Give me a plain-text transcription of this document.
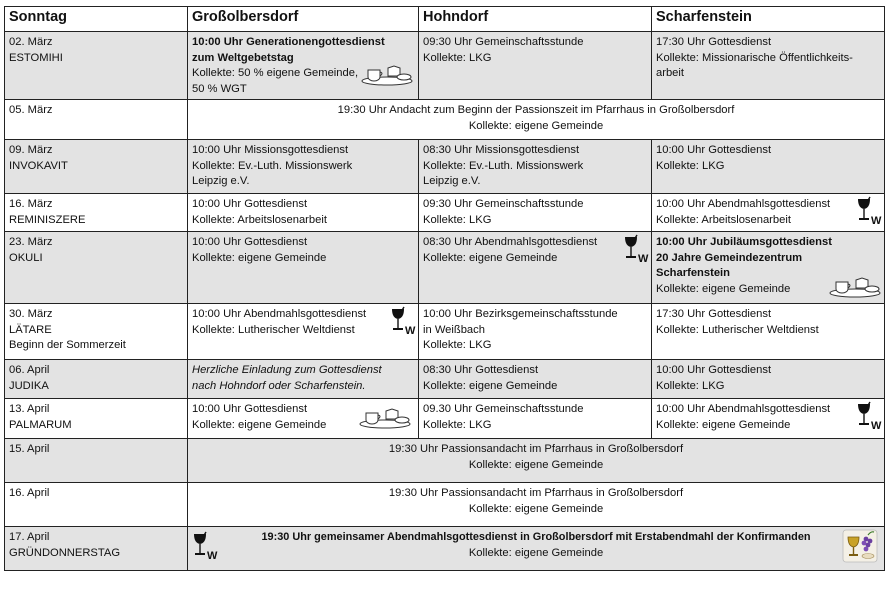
Sonntag	Großolbersdorf	Hohndorf	Scharfenstein

02. März
ESTOMIHI	10:00 Uhr Generationengottesdienst
zum Weltgebetstag
Kollekte: 50 % eigene Gemeinde,
50 % WGT	09:30 Uhr Gemeinschaftsstunde
Kollekte: LKG	17:30 Uhr Gottesdienst
Kollekte: Missionarische Öffentlichkeits-
arbeit

05. März	19:30 Uhr Andacht zum Beginn der Passionszeit im Pfarrhaus in Großolbersdorf
Kollekte: eigene Gemeinde		

09. März
INVOKAVIT	10:00 Uhr Missionsgottesdienst
Kollekte: Ev.-Luth. Missionswerk
Leipzig e.V.	08:30 Uhr Missionsgottesdienst
Kollekte: Ev.-Luth. Missionswerk
Leipzig e.V.	10:00 Uhr Gottesdienst
Kollekte: LKG

16. März
REMINISZERE	10:00 Uhr Gottesdienst
Kollekte: Arbeitslosenarbeit	09:30 Uhr Gemeinschaftsstunde
Kollekte: LKG	10:00 Uhr Abendmahlsgottesdienst
Kollekte: Arbeitslosenarbeit W

23. März
OKULI	10:00 Uhr Gottesdienst
Kollekte: eigene Gemeinde	08:30 Uhr Abendmahlsgottesdienst
Kollekte: eigene Gemeinde W	10:00 Uhr Jubiläumsgottesdienst
20 Jahre Gemeindezentrum
Scharfenstein
Kollekte: eigene Gemeinde

30. März
LÄTARE
Beginn der Sommerzeit	10:00 Uhr Abendmahlsgottesdienst
Kollekte: Lutherischer Weltdienst W	10:00 Uhr Bezirksgemeinschaftsstunde
in Weißbach
Kollekte: LKG	17:30 Uhr Gottesdienst
Kollekte: Lutherischer Weltdienst

06. April
JUDIKA	Herzliche Einladung zum Gottesdienst
nach Hohndorf oder Scharfenstein.	08:30 Uhr Gottesdienst
Kollekte: eigene Gemeinde	10:00 Uhr Gottesdienst
Kollekte: LKG

13. April
PALMARUM	10:00 Uhr Gottesdienst
Kollekte: eigene Gemeinde	09.30 Uhr Gemeinschaftsstunde
Kollekte: LKG	10:00 Uhr Abendmahlsgottesdienst
Kollekte: eigene Gemeinde W

15. April	19:30 Uhr Passionsandacht im Pfarrhaus in Großolbersdorf
Kollekte: eigene Gemeinde		

16. April	19:30 Uhr Passionsandacht im Pfarrhaus in Großolbersdorf
Kollekte: eigene Gemeinde		

17. April
GRÜNDONNERSTAG	W
19:30 Uhr gemeinsamer Abendmahlsgottesdienst in Großolbersdorf mit Erstabendmahl der Konfirmanden
Kollekte: eigene Gemeinde		
